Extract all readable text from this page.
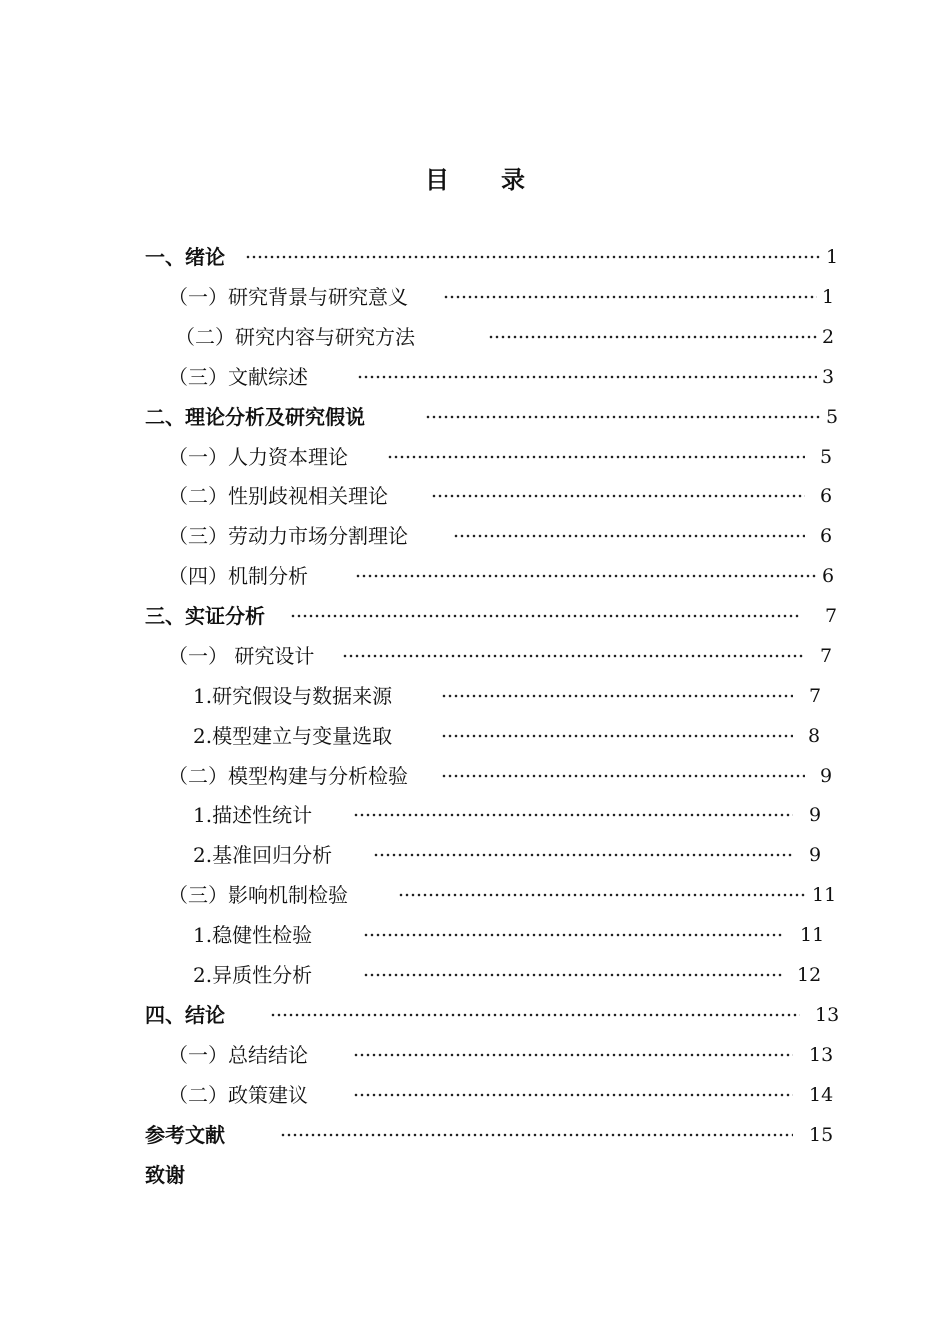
目 录
一、绪论	1
（一）研究背景与研究意义	1
（二）研究内容与研究方法	2
（三）文献综述	3
二、理论分析及研究假说	5
（一）人力资本理论	5
（二）性别歧视相关理论	6
（三）劳动力市场分割理论	6
（四）机制分析	6
三、实证分析	7
（一） 研究设计	7
1.研究假设与数据来源	7
2.模型建立与变量选取	8
（二）模型构建与分析检验	9
1.描述性统计	9
2.基准回归分析	9
（三）影响机制检验	11
1.稳健性检验	11
2.异质性分析	12
四、结论	13
（一）总结结论	13
（二）政策建议	14
参考文献	15
致谢
